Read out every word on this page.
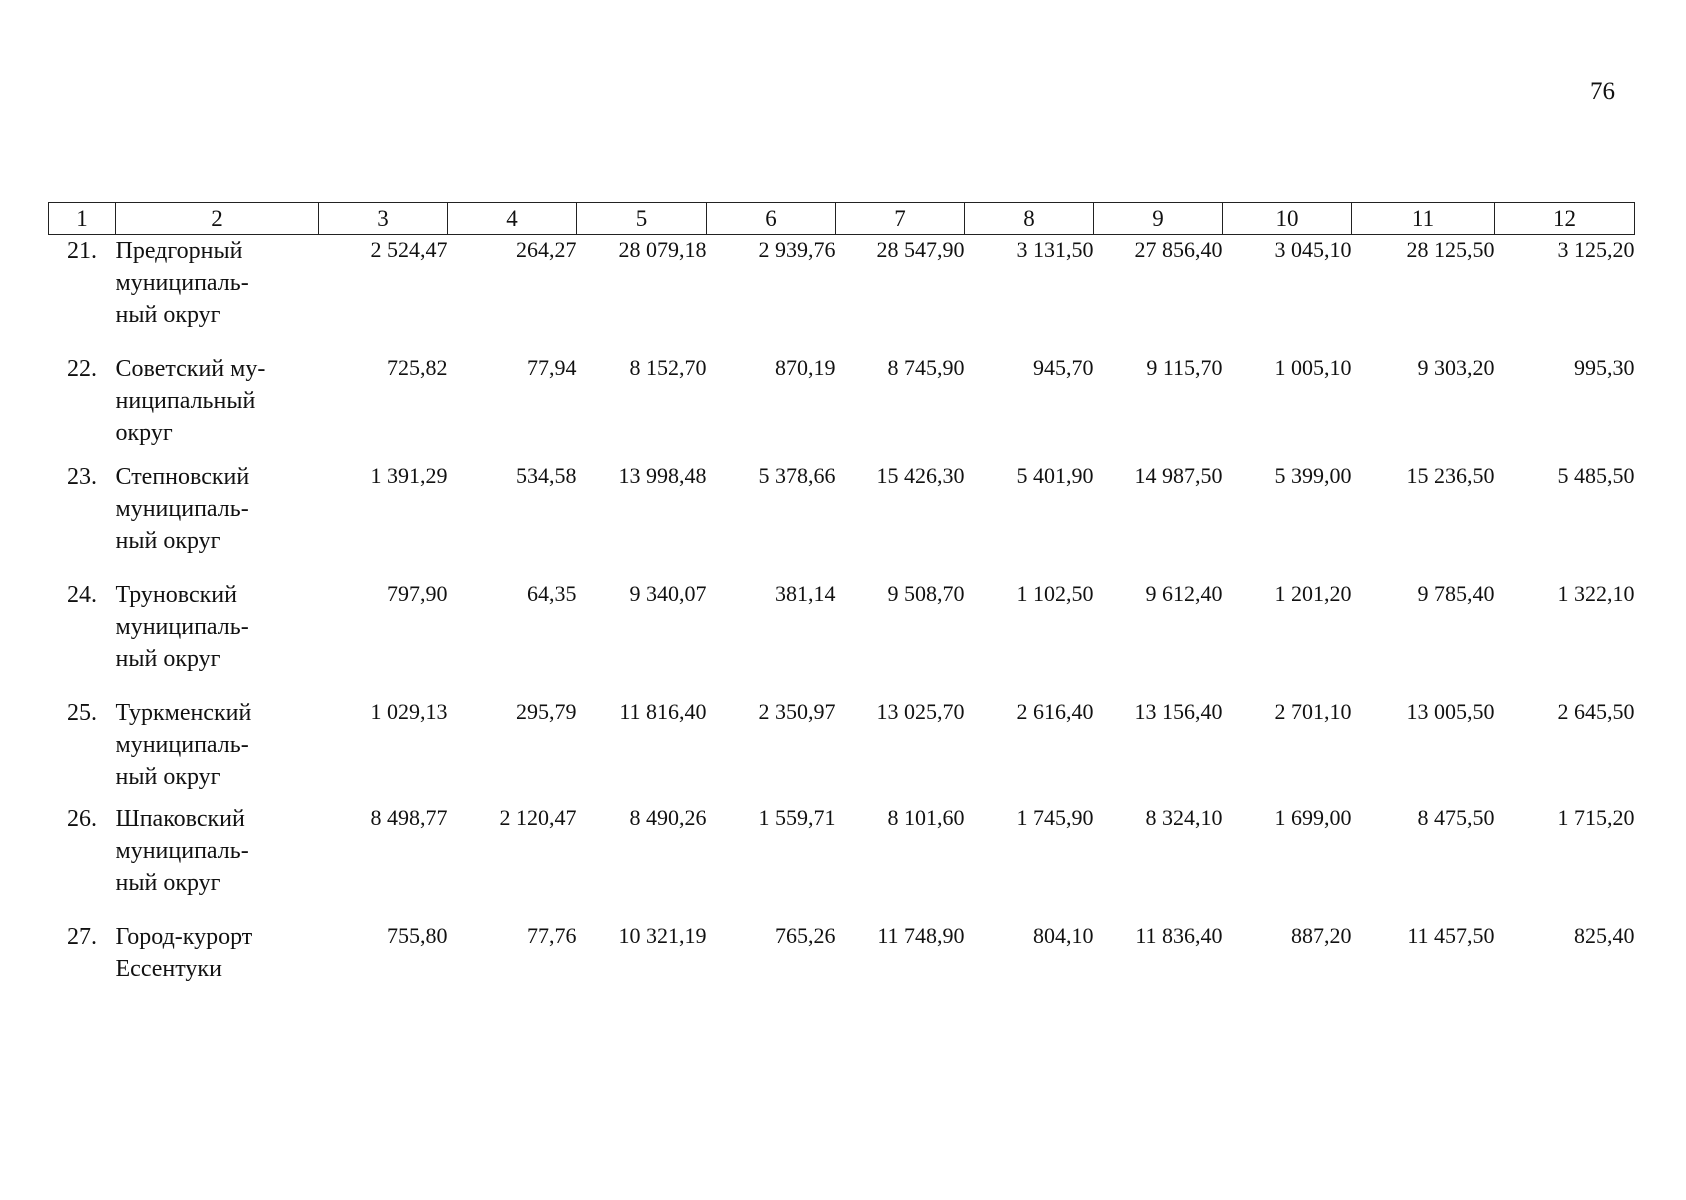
76
1	2	3	4	5	6	7	8	9	10	11	12
21.	Предгорный
муниципаль-
ный округ	2 524,47	264,27	28 079,18	2 939,76	28 547,90	3 131,50	27 856,40	3 045,10	28 125,50	3 125,20
22.	Советский му-
ниципальный
округ	725,82	77,94	8 152,70	870,19	8 745,90	945,70	9 115,70	1 005,10	9 303,20	995,30
23.	Степновский
муниципаль-
ный округ	1 391,29	534,58	13 998,48	5 378,66	15 426,30	5 401,90	14 987,50	5 399,00	15 236,50	5 485,50
24.	Труновский
муниципаль-
ный округ	797,90	64,35	9 340,07	381,14	9 508,70	1 102,50	9 612,40	1 201,20	9 785,40	1 322,10
25.	Туркменский
муниципаль-
ный округ	1 029,13	295,79	11 816,40	2 350,97	13 025,70	2 616,40	13 156,40	2 701,10	13 005,50	2 645,50
26.	Шпаковский
муниципаль-
ный округ	8 498,77	2 120,47	8 490,26	1 559,71	8 101,60	1 745,90	8 324,10	1 699,00	8 475,50	1 715,20
27.	Город-курорт
Ессентуки	755,80	77,76	10 321,19	765,26	11 748,90	804,10	11 836,40	887,20	11 457,50	825,40
